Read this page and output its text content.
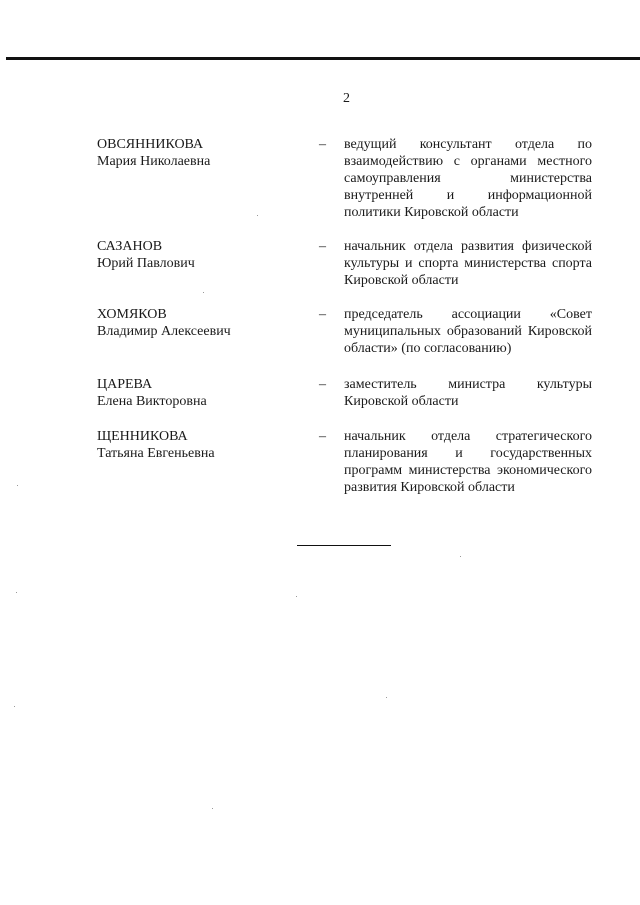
2
ОВСЯННИКОВА
Мария Николаевна
– ведущий консультант отдела по взаимодействию с органами местного самоуправления министерства внутренней и информационной политики Кировской области
САЗАНОВ
Юрий Павлович
– начальник отдела развития физической культуры и спорта министерства спорта Кировской области
ХОМЯКОВ
Владимир Алексеевич
– председатель ассоциации «Совет муниципальных образований Кировской области» (по согласованию)
ЦАРЕВА
Елена Викторовна
– заместитель министра культуры Кировской области
ЩЕННИКОВА
Татьяна Евгеньевна
– начальник отдела стратегического планирования и государственных программ министерства экономического развития Кировской области
